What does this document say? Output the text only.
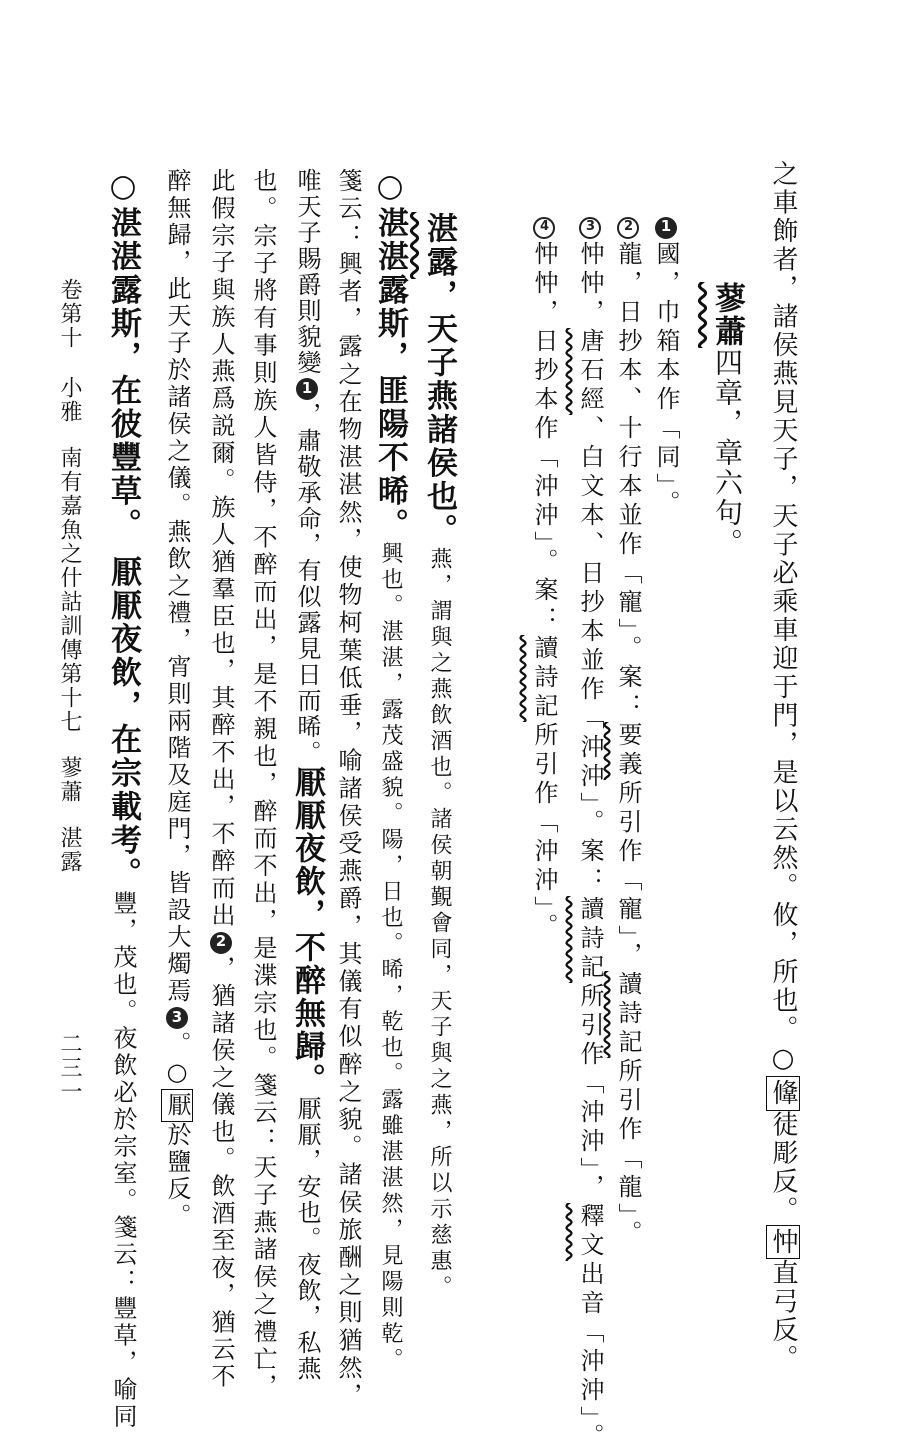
之車飾者，諸侯燕見天子，天子必乘車迎于門，是以云然。攸，所也。○鞗徒彫反。忡直弓反。
蓼蕭四章，章六句。
1國，巾箱本作「同」。
2龍，日抄本、十行本並作「寵」。案：要義所引作「寵」，讀詩記所引作「龍」。
3忡忡，唐石經、白文本、日抄本並作「沖沖」。案：讀詩記所引作「沖沖」，釋文出音「沖沖」。
4忡忡，日抄本作「沖沖」。案：讀詩記所引作「沖沖」。
湛露，天子燕諸侯也。燕，謂與之燕飲酒也。諸侯朝覲會同，天子與之燕，所以示慈惠。
○湛湛露斯，匪陽不晞。興也。湛湛，露茂盛貌。陽，日也。晞，乾也。露雖湛湛然，見陽則乾。
箋云：興者，露之在物湛湛然，使物柯葉低垂，喻諸侯受燕爵，其儀有似醉之貌。諸侯旅酬之則猶然，
唯天子賜爵則貌變1，肅敬承命，有似露見日而晞。厭厭夜飲，不醉無歸。厭厭，安也。夜飲，私燕
也。宗子將有事則族人皆侍，不醉而出，是不親也，醉而不出，是渫宗也。箋云：天子燕諸侯之禮亡，
此假宗子與族人燕爲説爾。族人猶羣臣也，其醉不出，不醉而出2，猶諸侯之儀也。飲酒至夜，猶云不
醉無歸，此天子於諸侯之儀。燕飲之禮，宵則兩階及庭門，皆設大燭焉3。○厭於鹽反。
○湛湛露斯，在彼豐草。厭厭夜飲，在宗載考。豐，茂也。夜飲必於宗室。箋云：豐草，喻同
卷第十小雅南有嘉魚之什詁訓傳第十七蓼蕭湛露
二三一
